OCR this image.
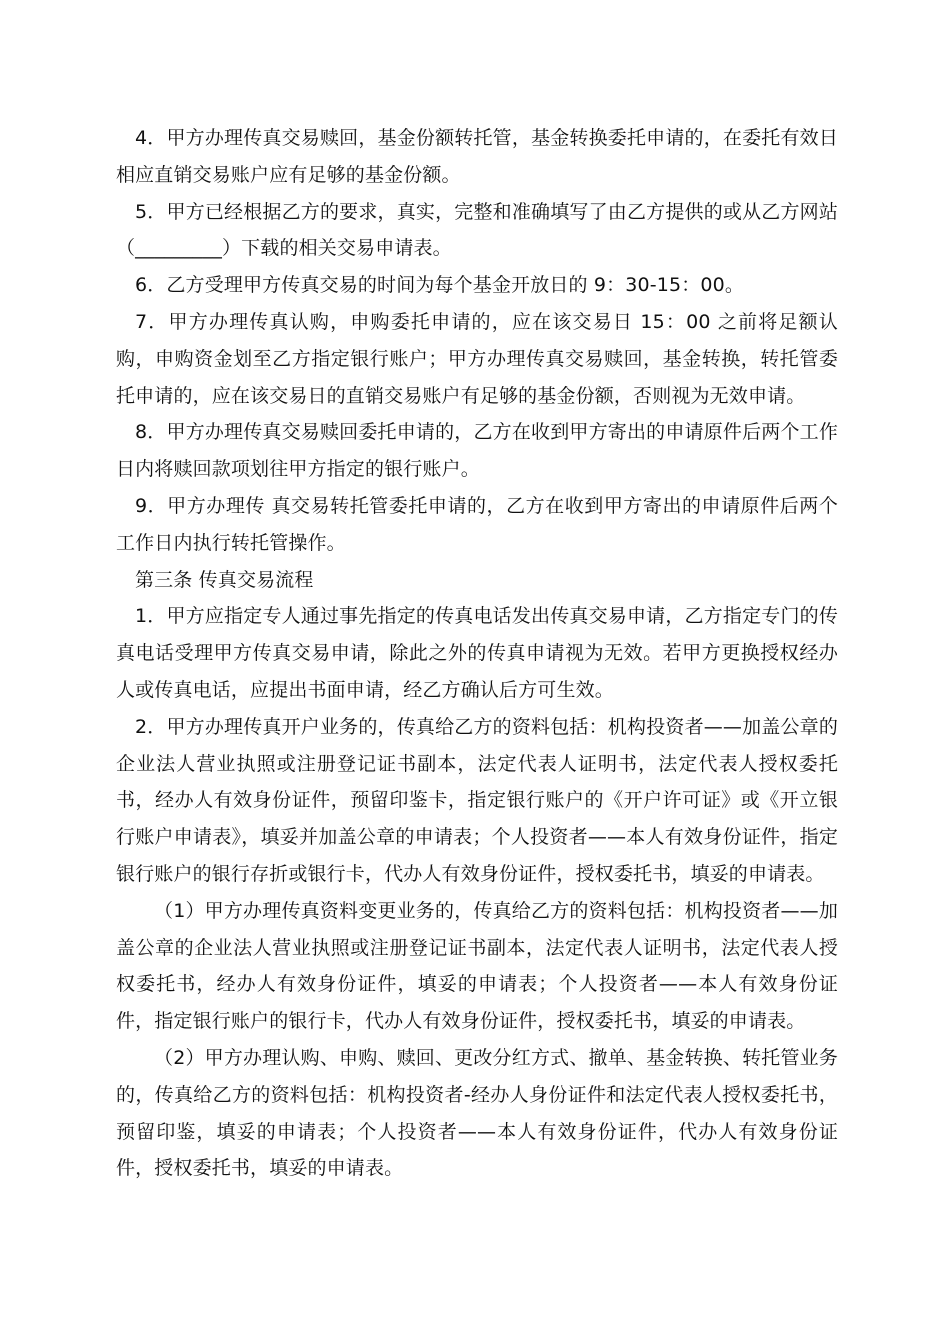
4．甲方办理传真交易赎回，基金份额转托管，基金转换委托申请的，在委托有效日相应直销交易账户应有足够的基金份额。

5．甲方已经根据乙方的要求，真实，完整和准确填写了由乙方提供的或从乙方网站（_________）下载的相关交易申请表。

6．乙方受理甲方传真交易的时间为每个基金开放日的 9：30-15：00。

7．甲方办理传真认购，申购委托申请的，应在该交易日 15：00 之前将足额认购，申购资金划至乙方指定银行账户；甲方办理传真交易赎回，基金转换，转托管委托申请的，应在该交易日的直销交易账户有足够的基金份额，否则视为无效申请。

8．甲方办理传真交易赎回委托申请的，乙方在收到甲方寄出的申请原件后两个工作日内将赎回款项划往甲方指定的银行账户。

9．甲方办理传 真交易转托管委托申请的，乙方在收到甲方寄出的申请原件后两个工作日内执行转托管操作。

第三条 传真交易流程

1．甲方应指定专人通过事先指定的传真电话发出传真交易申请，乙方指定专门的传真电话受理甲方传真交易申请，除此之外的传真申请视为无效。若甲方更换授权经办人或传真电话，应提出书面申请，经乙方确认后方可生效。

2．甲方办理传真开户业务的，传真给乙方的资料包括：机构投资者——加盖公章的企业法人营业执照或注册登记证书副本，法定代表人证明书，法定代表人授权委托书，经办人有效身份证件，预留印鉴卡，指定银行账户的《开户许可证》或《开立银行账户申请表》，填妥并加盖公章的申请表；个人投资者——本人有效身份证件，指定银行账户的银行存折或银行卡，代办人有效身份证件，授权委托书，填妥的申请表。

（1）甲方办理传真资料变更业务的，传真给乙方的资料包括：机构投资者——加盖公章的企业法人营业执照或注册登记证书副本，法定代表人证明书，法定代表人授权委托书，经办人有效身份证件，填妥的申请表；个人投资者——本人有效身份证件，指定银行账户的银行卡，代办人有效身份证件，授权委托书，填妥的申请表。

（2）甲方办理认购、申购、赎回、更改分红方式、撤单、基金转换、转托管业务的，传真给乙方的资料包括：机构投资者-经办人身份证件和法定代表人授权委托书，预留印鉴，填妥的申请表；个人投资者——本人有效身份证件，代办人有效身份证件，授权委托书，填妥的申请表。
